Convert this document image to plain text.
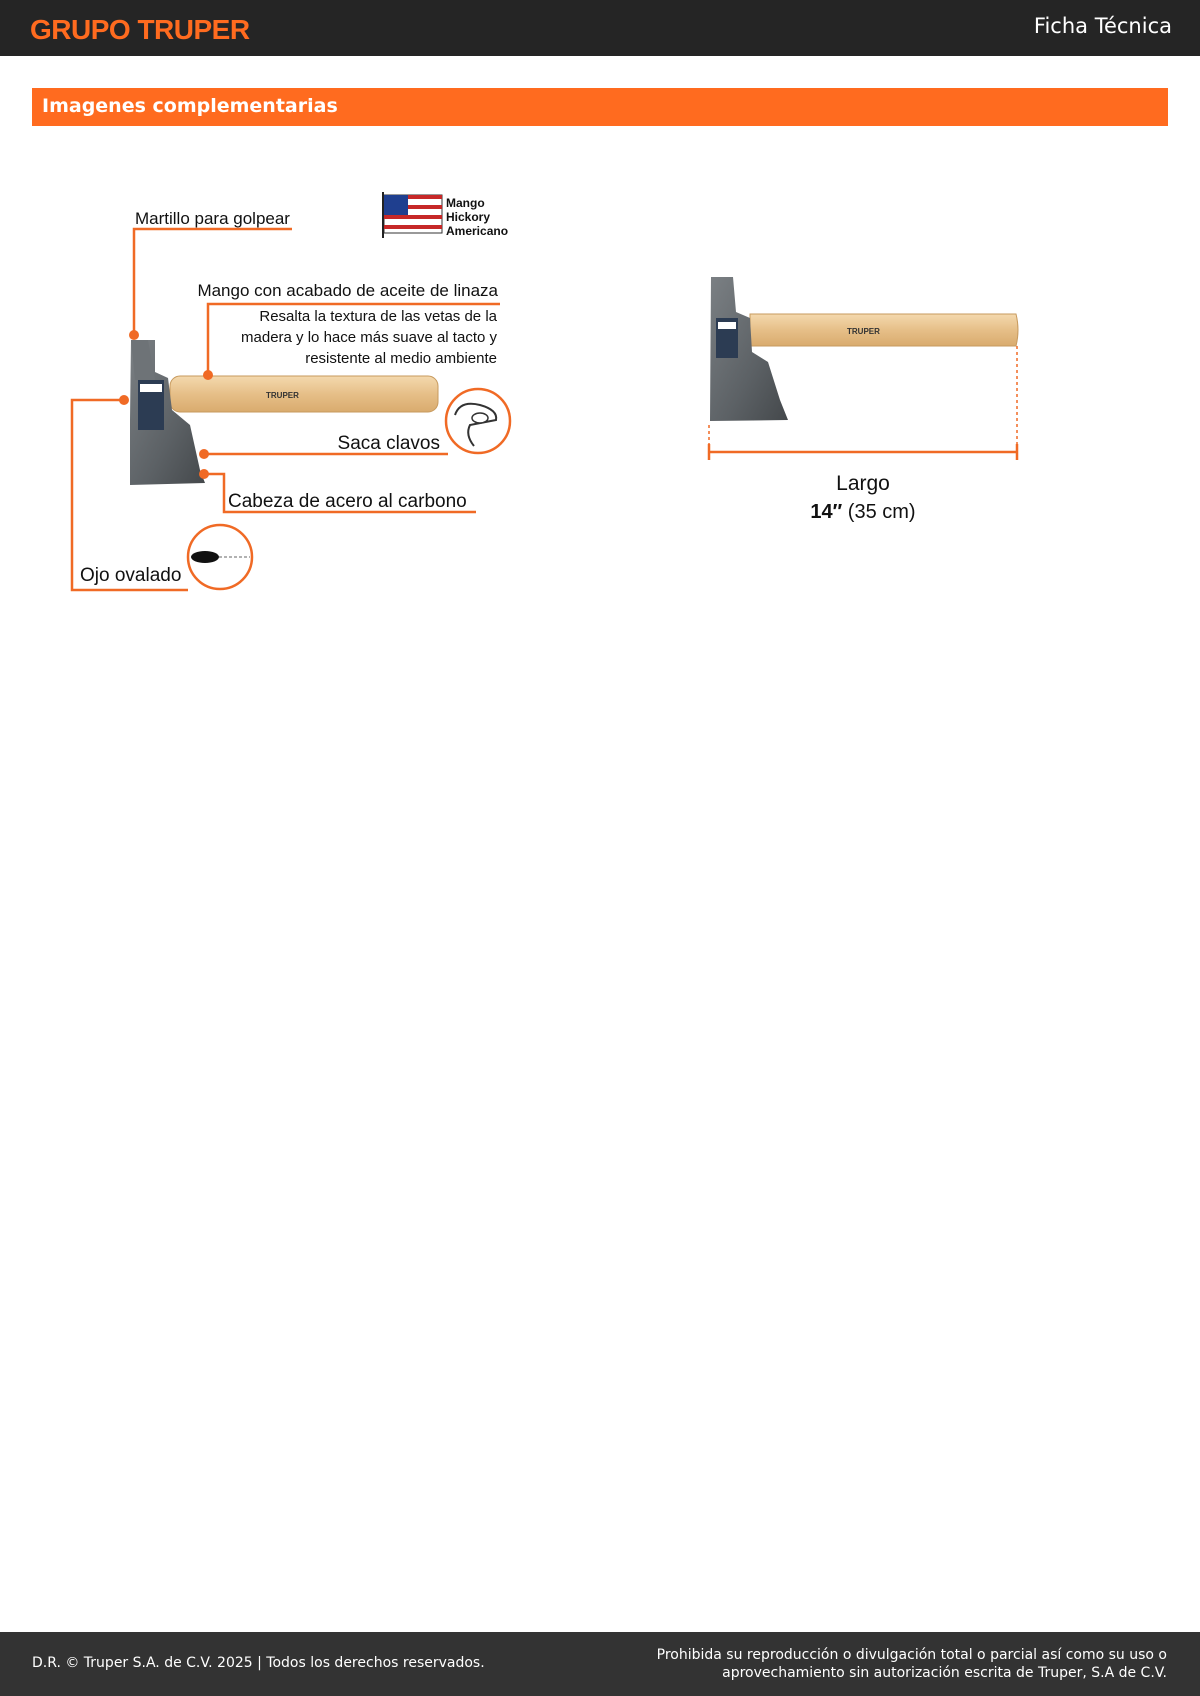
GRUPO TRUPER	Ficha Técnica
Imagenes complementarias
Mango
Hickory
Americano
TRUPER
Martillo para golpear
Mango con acabado de aceite de linaza
Resalta la textura de las vetas de la
madera y lo hace más suave al tacto y
resistente al medio ambiente
Saca clavos
Cabeza de acero al carbono
Ojo ovalado
TRUPER
Largo
14″ (35 cm)
D.R. © Truper S.A. de C.V. 2025 | Todos los derechos reservados.	Prohibida su reproducción o divulgación total o parcial así como su uso o
aprovechamiento sin autorización escrita de Truper, S.A de C.V.
